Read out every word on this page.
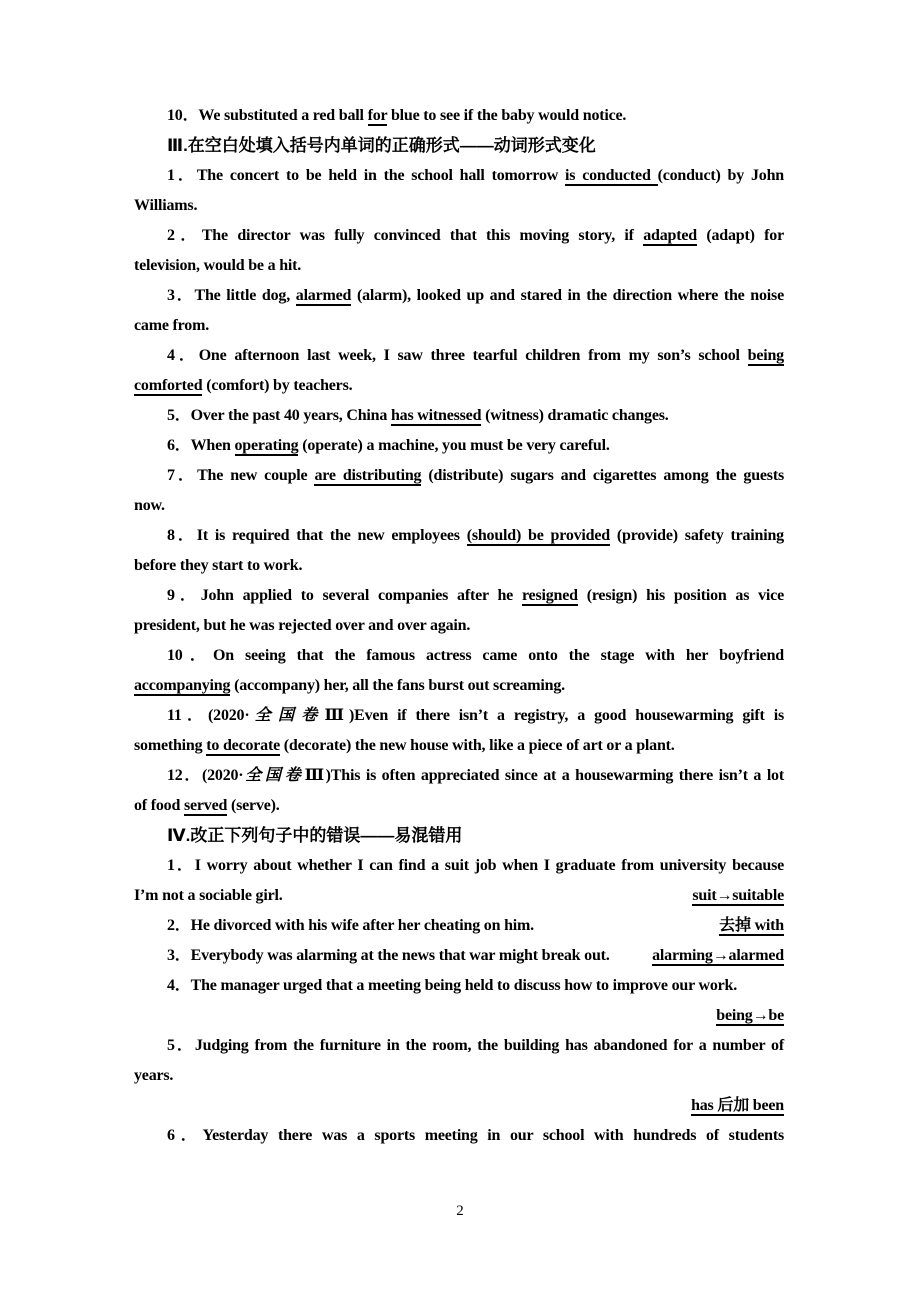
10．We substituted a red ball for blue to see if the baby would notice.
Ⅲ.在空白处填入括号内单词的正确形式——动词形式变化
1．The concert to be held in the school hall tomorrow is conducted (conduct) by John
Williams.
2．The director was fully convinced that this moving story, if adapted (adapt) for
television, would be a hit.
3．The little dog, alarmed (alarm), looked up and stared in the direction where the noise
came from.
4．One afternoon last week, I saw three tearful children from my son’s school being
comforted (comfort) by teachers.
5．Over the past 40 years, China has witnessed (witness) dramatic changes.
6．When operating (operate) a machine, you must be very careful.
7．The new couple are distributing (distribute) sugars and cigarettes among the guests
now.
8．It is required that the new employees (should) be provided (provide) safety training
before they start to work.
9．John applied to several companies after he resigned (resign) his position as vice
president, but he was rejected over and over again.
10．On seeing that the famous actress came onto the stage with her boyfriend
accompanying (accompany) her, all the fans burst out screaming.
11．(2020·全国卷Ⅲ)Even if there isn’t a registry, a good housewarming gift is
something to decorate (decorate) the new house with, like a piece of art or a plant.
12．(2020·全国卷Ⅲ)This is often appreciated since at a housewarming there isn’t a lot
of food served (serve).
Ⅳ.改正下列句子中的错误——易混错用
1．I worry about whether I can find a suit job when I graduate from university because
I’m not a sociable girl.	suit→suitable
2．He divorced with his wife after her cheating on him.	去掉 with
3．Everybody was alarming at the news that war might break out.	alarming→alarmed
4．The manager urged that a meeting being held to discuss how to improve our work.
being→be
5．Judging from the furniture in the room, the building has abandoned for a number of
years.
has 后加 been
6．Yesterday there was a sports meeting in our school with hundreds of students
2
